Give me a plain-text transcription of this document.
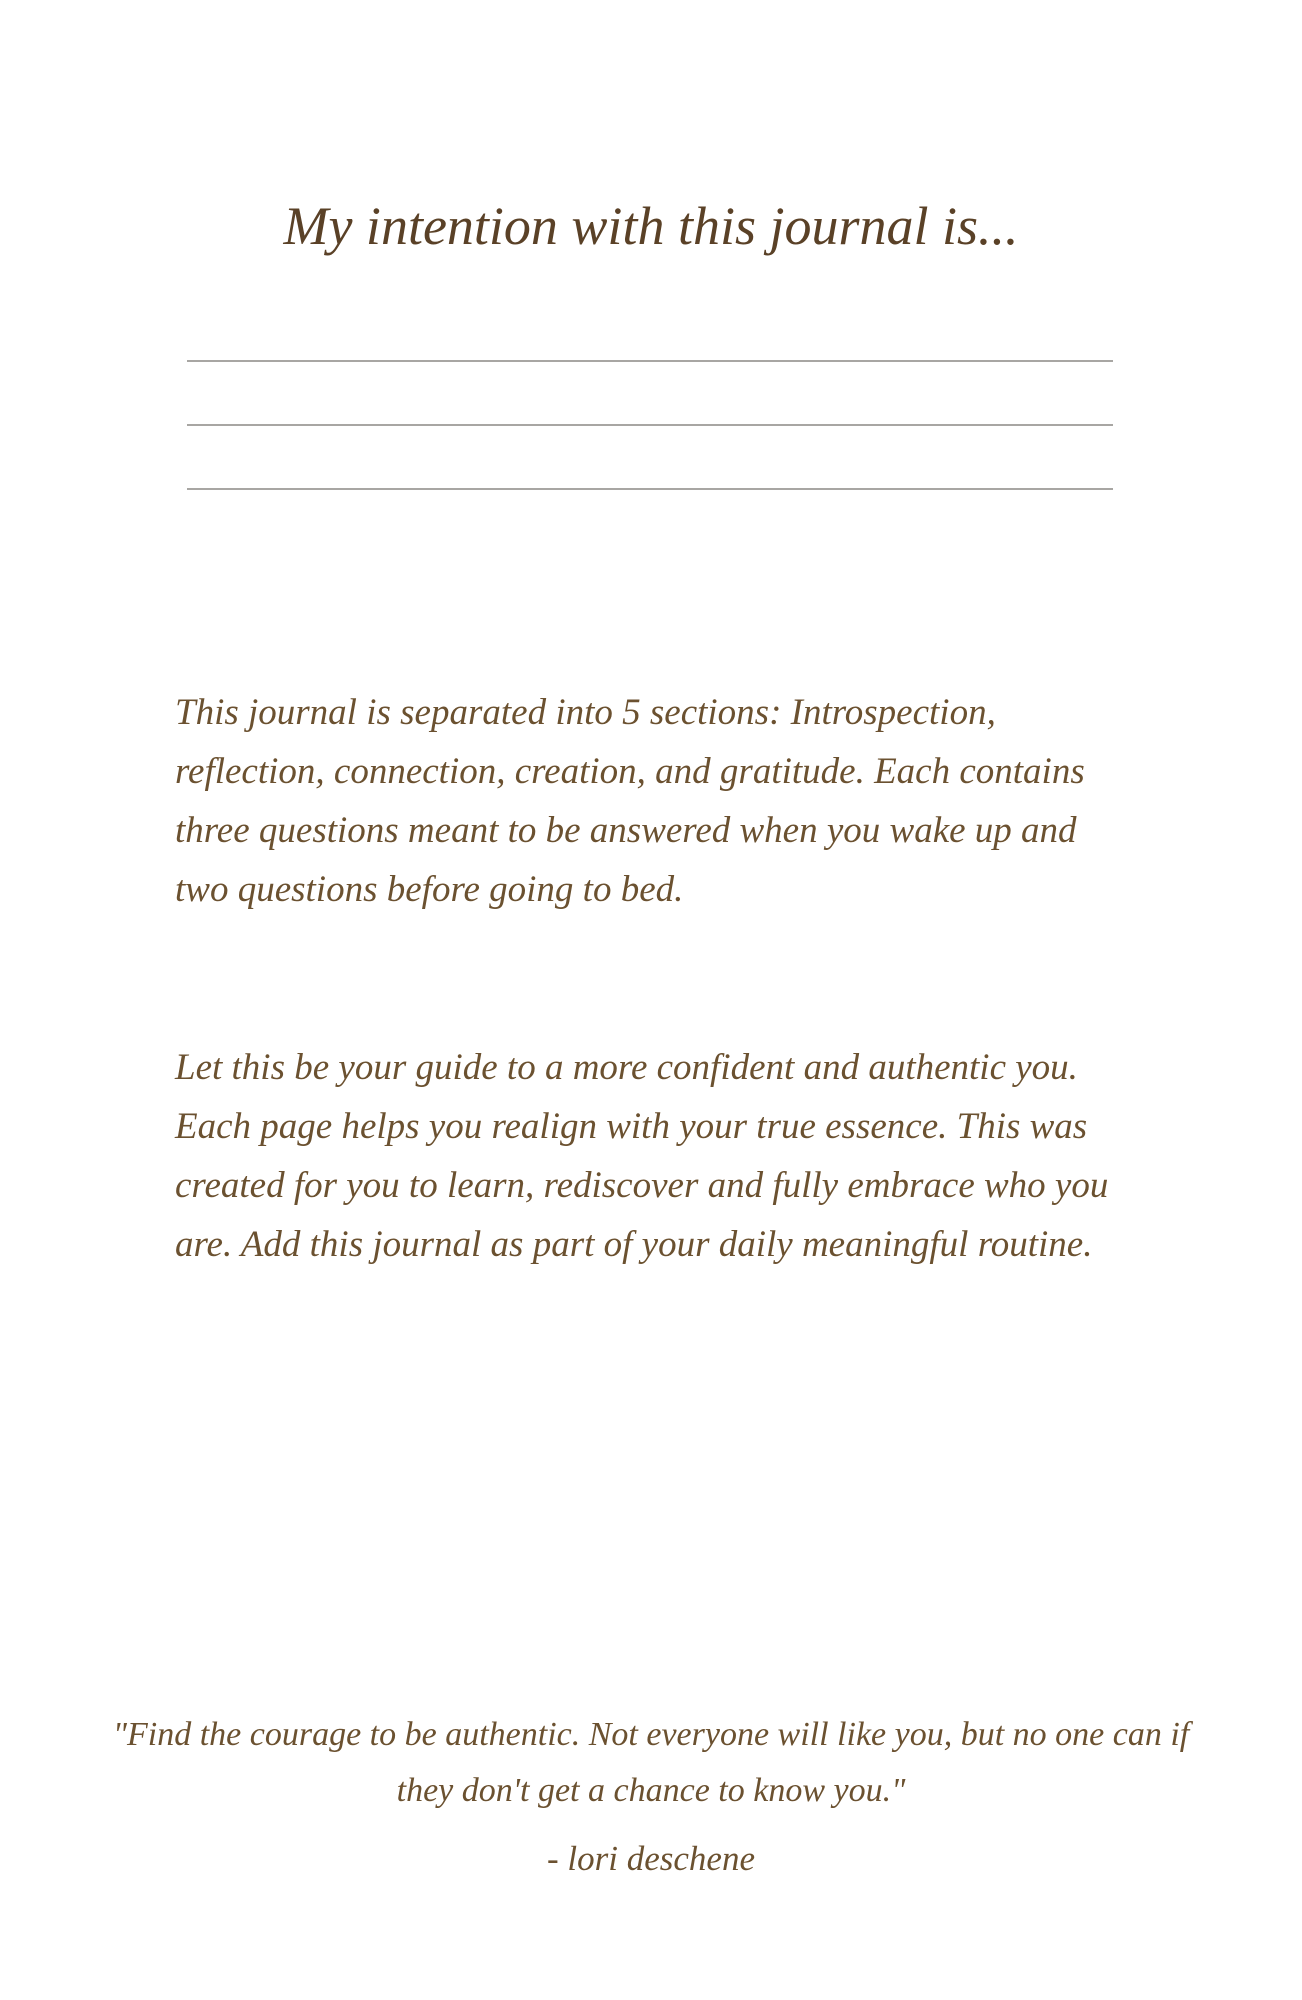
My intention with this journal is...

This journal is separated into 5 sections: Introspection, reflection, connection, creation, and gratitude. Each contains three questions meant to be answered when you wake up and two questions before going to bed.

Let this be your guide to a more confident and authentic you. Each page helps you realign with your true essence. This was created for you to learn, rediscover and fully embrace who you are. Add this journal as part of your daily meaningful routine.

"Find the courage to be authentic. Not everyone will like you, but no one can if they don't get a chance to know you."

- lori deschene
